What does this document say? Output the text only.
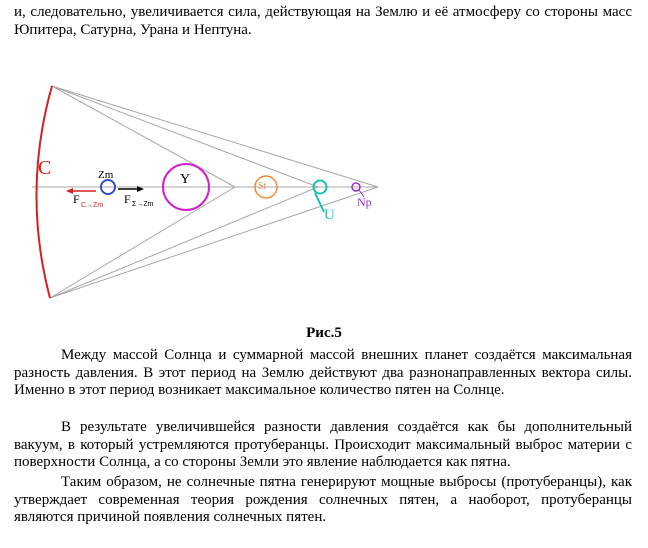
и, следовательно, увеличивается сила, действующая на Землю и её атмосферу со стороны масс Юпитера, Сатурна, Урана и Нептуна.

C	Zm
F C→Zm F Σ→Zm
Y	St
U
Np
Рис.5

Между массой Солнца и суммарной массой внешних планет создаётся максимальная разность давления. В этот период на Землю действуют два разнонаправленных вектора силы. Именно в этот период возникает максимальное количество пятен на Солнце.

В результате увеличившейся разности давления создаётся как бы дополнительный вакуум, в который устремляются протуберанцы. Происходит максимальный выброс материи с поверхности Солнца, а со стороны Земли это явление наблюдается как пятна.

Таким образом, не солнечные пятна генерируют мощные выбросы (протуберанцы), как утверждает современная теория рождения солнечных пятен, а наоборот, протуберанцы являются причиной появления солнечных пятен.
